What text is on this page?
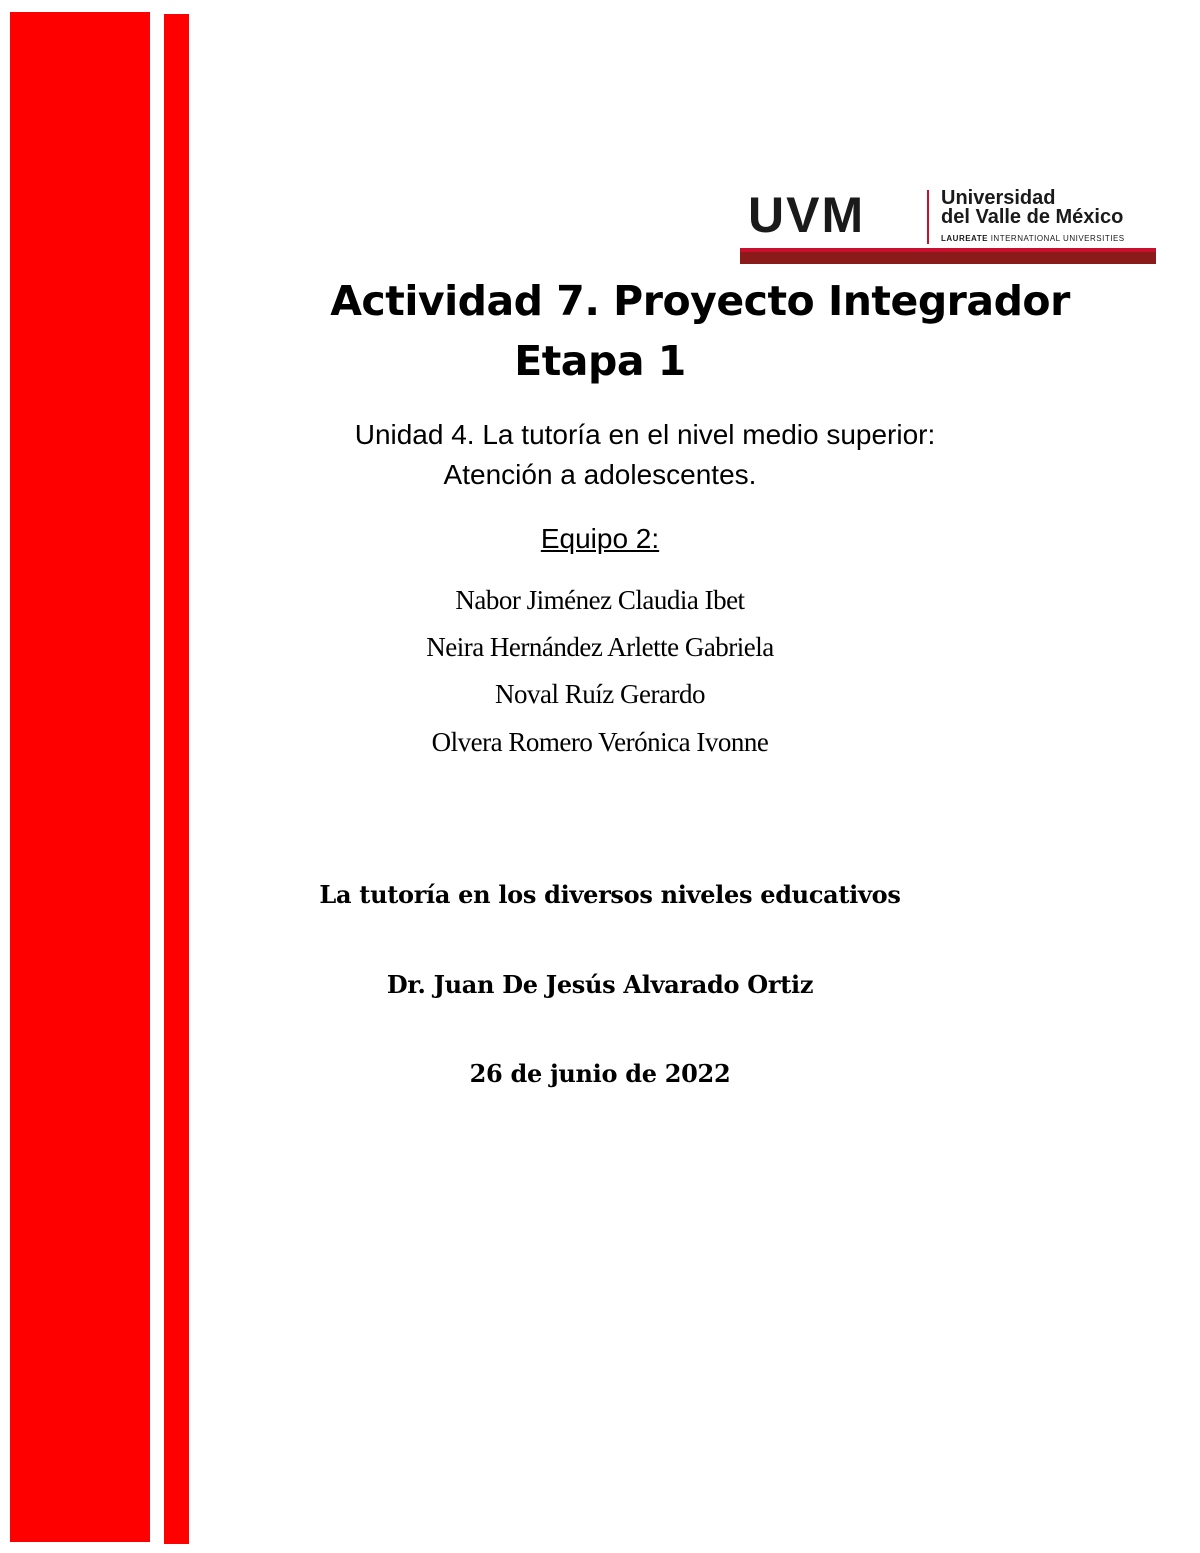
UVM	Universidad
del Valle de México
LAUREATE INTERNATIONAL UNIVERSITIES
Actividad 7. Proyecto Integrador
Etapa 1
Unidad 4. La tutoría en el nivel medio superior:
Atención a adolescentes.
Equipo 2:
Nabor Jiménez Claudia Ibet
Neira Hernández Arlette Gabriela
Noval Ruíz Gerardo
Olvera Romero Verónica Ivonne
La tutoría en los diversos niveles educativos
Dr. Juan De Jesús Alvarado Ortiz
26 de junio de 2022
